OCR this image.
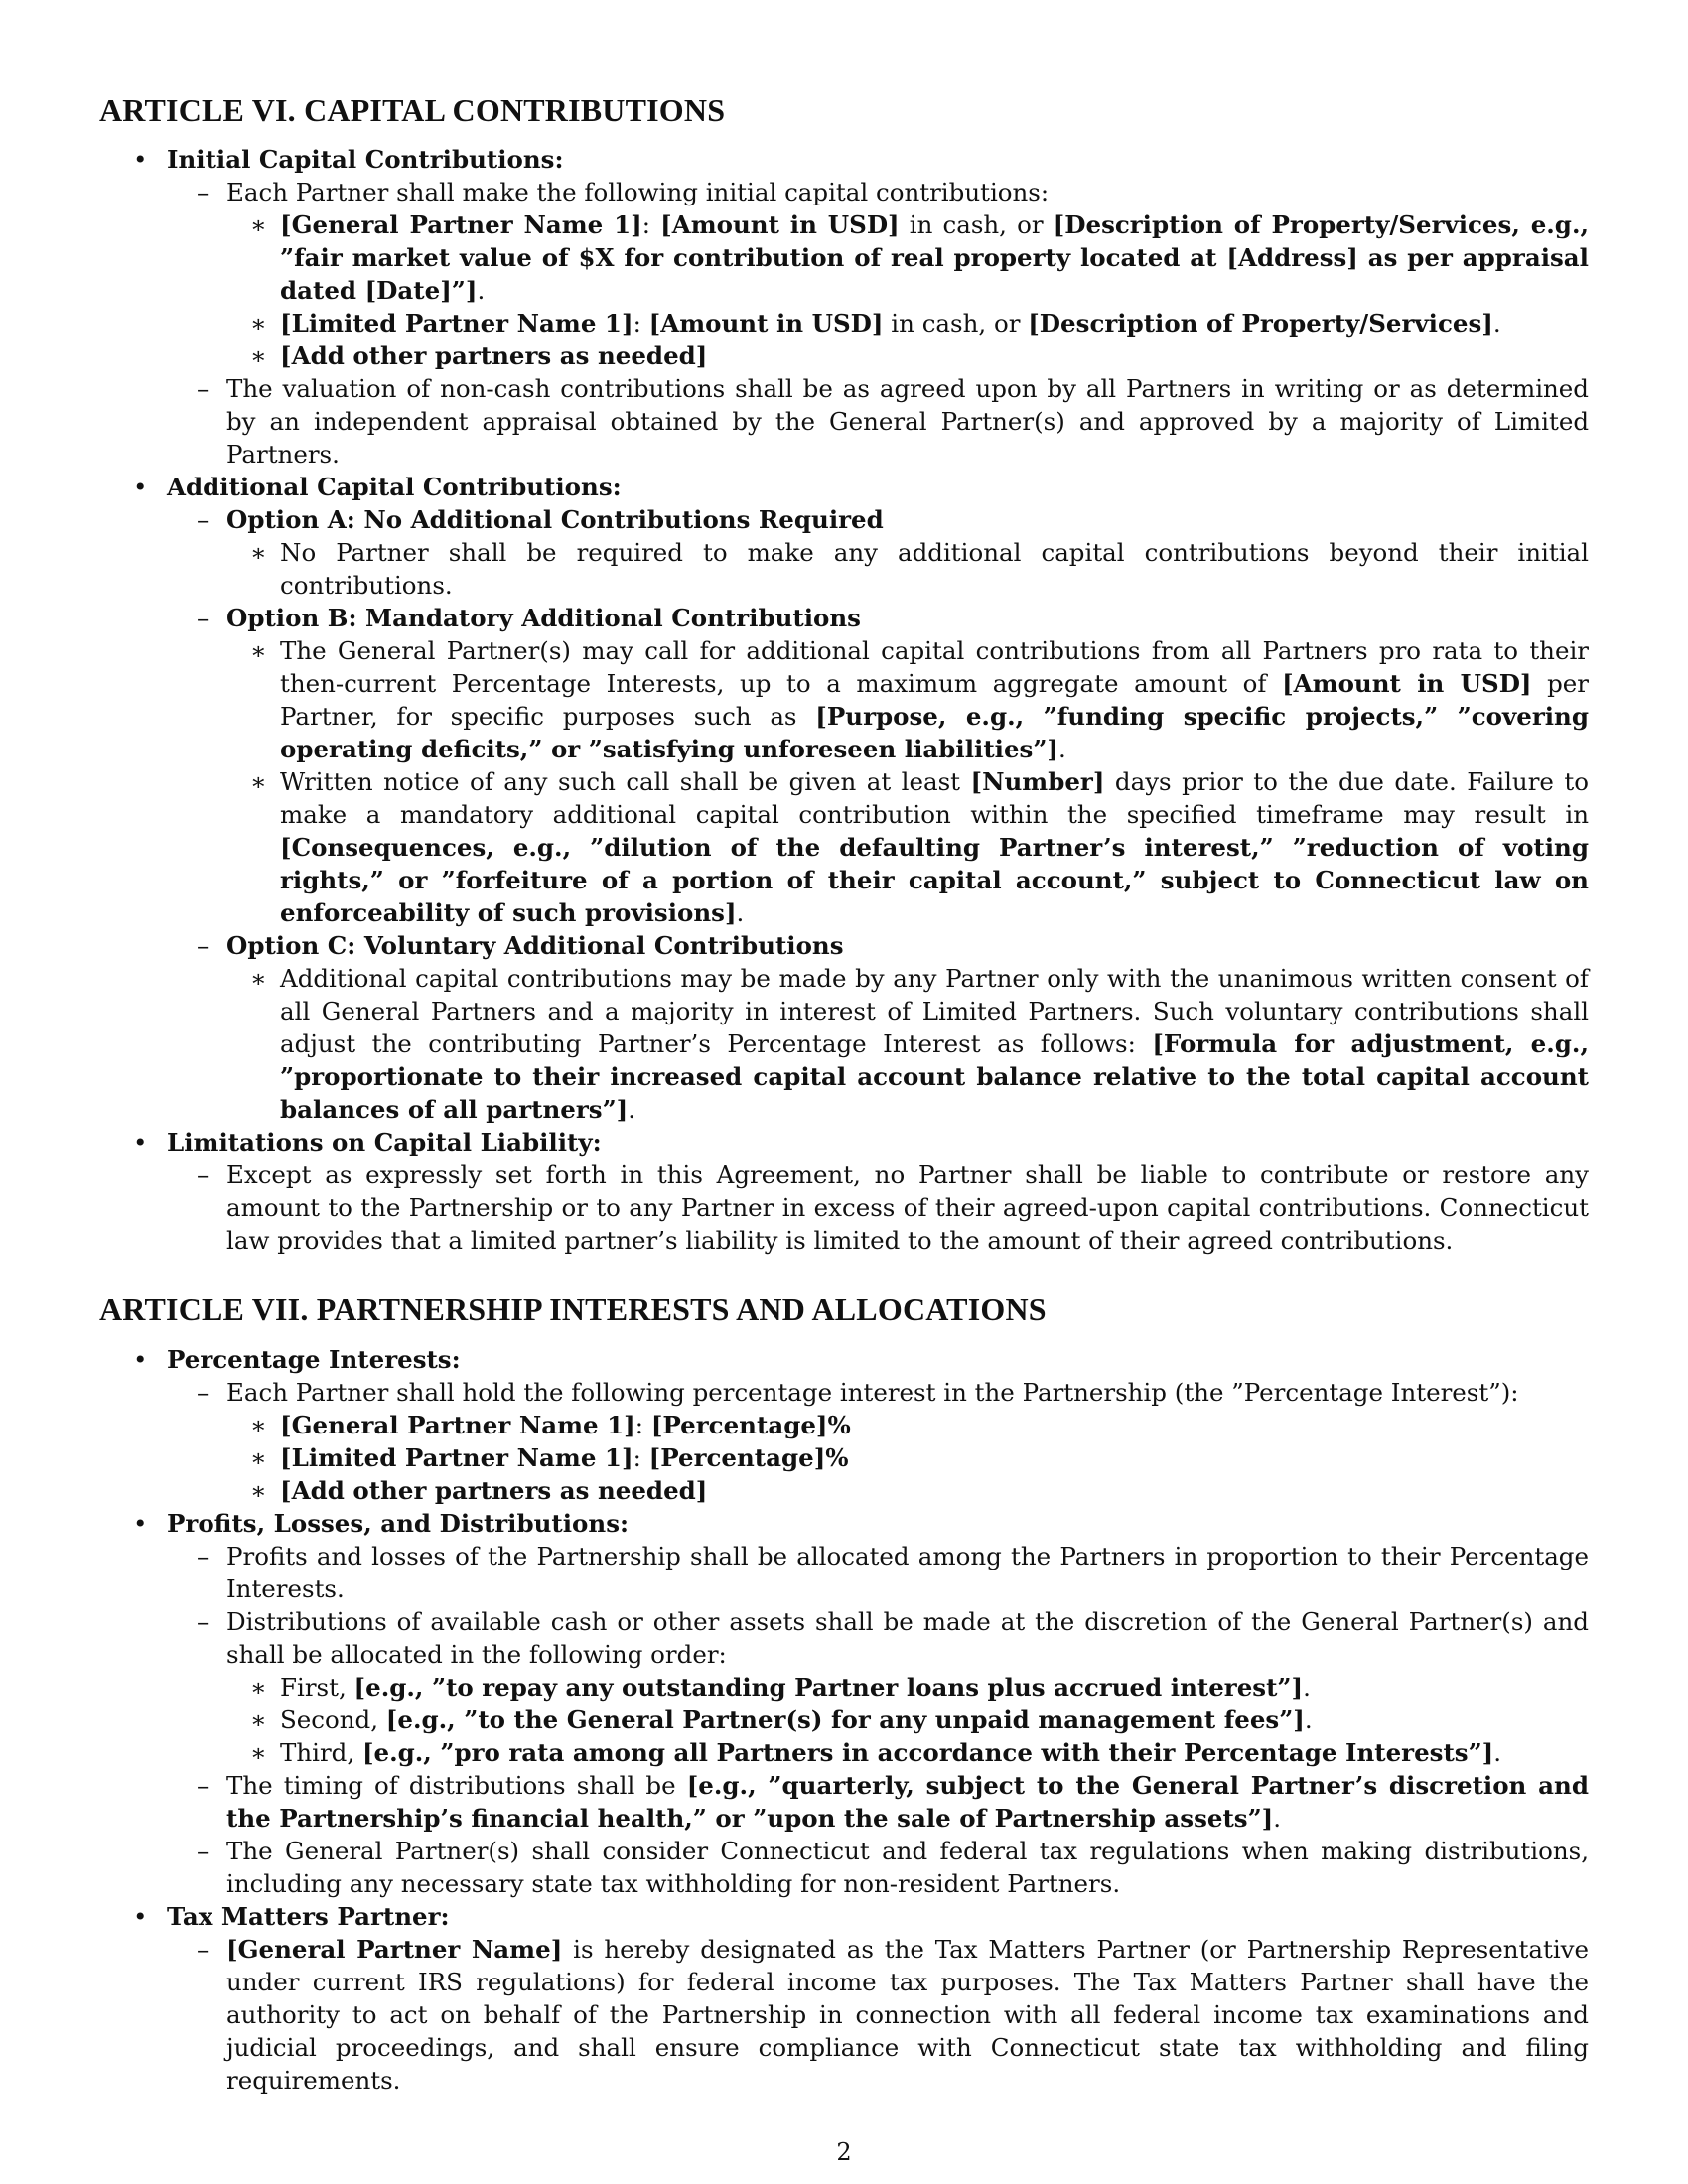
ARTICLE VI. CAPITAL CONTRIBUTIONS
• Initial Capital Contributions:
– Each Partner shall make the following initial capital contributions:
∗ [General Partner Name 1]: [Amount in USD] in cash, or [Description of Property/Services, e.g., ”fair market value of $X for contribution of real property located at [Address] as per appraisal dated [Date]”].
∗ [Limited Partner Name 1]: [Amount in USD] in cash, or [Description of Property/Services].
∗ [Add other partners as needed]
– The valuation of non-cash contributions shall be as agreed upon by all Partners in writing or as determined by an independent appraisal obtained by the General Partner(s) and approved by a majority of Limited Partners.
• Additional Capital Contributions:
– Option A: No Additional Contributions Required
∗ No Partner shall be required to make any additional capital contributions beyond their initial contributions.
– Option B: Mandatory Additional Contributions
∗ The General Partner(s) may call for additional capital contributions from all Partners pro rata to their then-current Percentage Interests, up to a maximum aggregate amount of [Amount in USD] per Partner, for specific purposes such as [Purpose, e.g., ”funding specific projects,” ”covering operating deficits,” or ”satisfying unforeseen liabilities”].
∗ Written notice of any such call shall be given at least [Number] days prior to the due date. Failure to make a mandatory additional capital contribution within the specified timeframe may result in [Consequences, e.g., ”dilution of the defaulting Partner’s interest,” ”reduction of voting rights,” or ”forfeiture of a portion of their capital account,” subject to Connecticut law on enforceability of such provisions].
– Option C: Voluntary Additional Contributions
∗ Additional capital contributions may be made by any Partner only with the unanimous written consent of all General Partners and a majority in interest of Limited Partners. Such voluntary contributions shall adjust the contributing Partner’s Percentage Interest as follows: [Formula for adjustment, e.g., ”proportionate to their increased capital account balance relative to the total capital account balances of all partners”].
• Limitations on Capital Liability:
– Except as expressly set forth in this Agreement, no Partner shall be liable to contribute or restore any amount to the Partnership or to any Partner in excess of their agreed-upon capital contributions. Connecticut law provides that a limited partner’s liability is limited to the amount of their agreed contributions.
ARTICLE VII. PARTNERSHIP INTERESTS AND ALLOCATIONS
• Percentage Interests:
– Each Partner shall hold the following percentage interest in the Partnership (the ”Percentage Interest”):
∗ [General Partner Name 1]: [Percentage]%
∗ [Limited Partner Name 1]: [Percentage]%
∗ [Add other partners as needed]
• Profits, Losses, and Distributions:
– Profits and losses of the Partnership shall be allocated among the Partners in proportion to their Percentage Interests.
– Distributions of available cash or other assets shall be made at the discretion of the General Partner(s) and shall be allocated in the following order:
∗ First, [e.g., ”to repay any outstanding Partner loans plus accrued interest”].
∗ Second, [e.g., ”to the General Partner(s) for any unpaid management fees”].
∗ Third, [e.g., ”pro rata among all Partners in accordance with their Percentage Interests”].
– The timing of distributions shall be [e.g., ”quarterly, subject to the General Partner’s discretion and the Partnership’s financial health,” or ”upon the sale of Partnership assets”].
– The General Partner(s) shall consider Connecticut and federal tax regulations when making distributions, including any necessary state tax withholding for non-resident Partners.
• Tax Matters Partner:
– [General Partner Name] is hereby designated as the Tax Matters Partner (or Partnership Representative under current IRS regulations) for federal income tax purposes. The Tax Matters Partner shall have the authority to act on behalf of the Partnership in connection with all federal income tax examinations and judicial proceedings, and shall ensure compliance with Connecticut state tax withholding and filing requirements.
2
